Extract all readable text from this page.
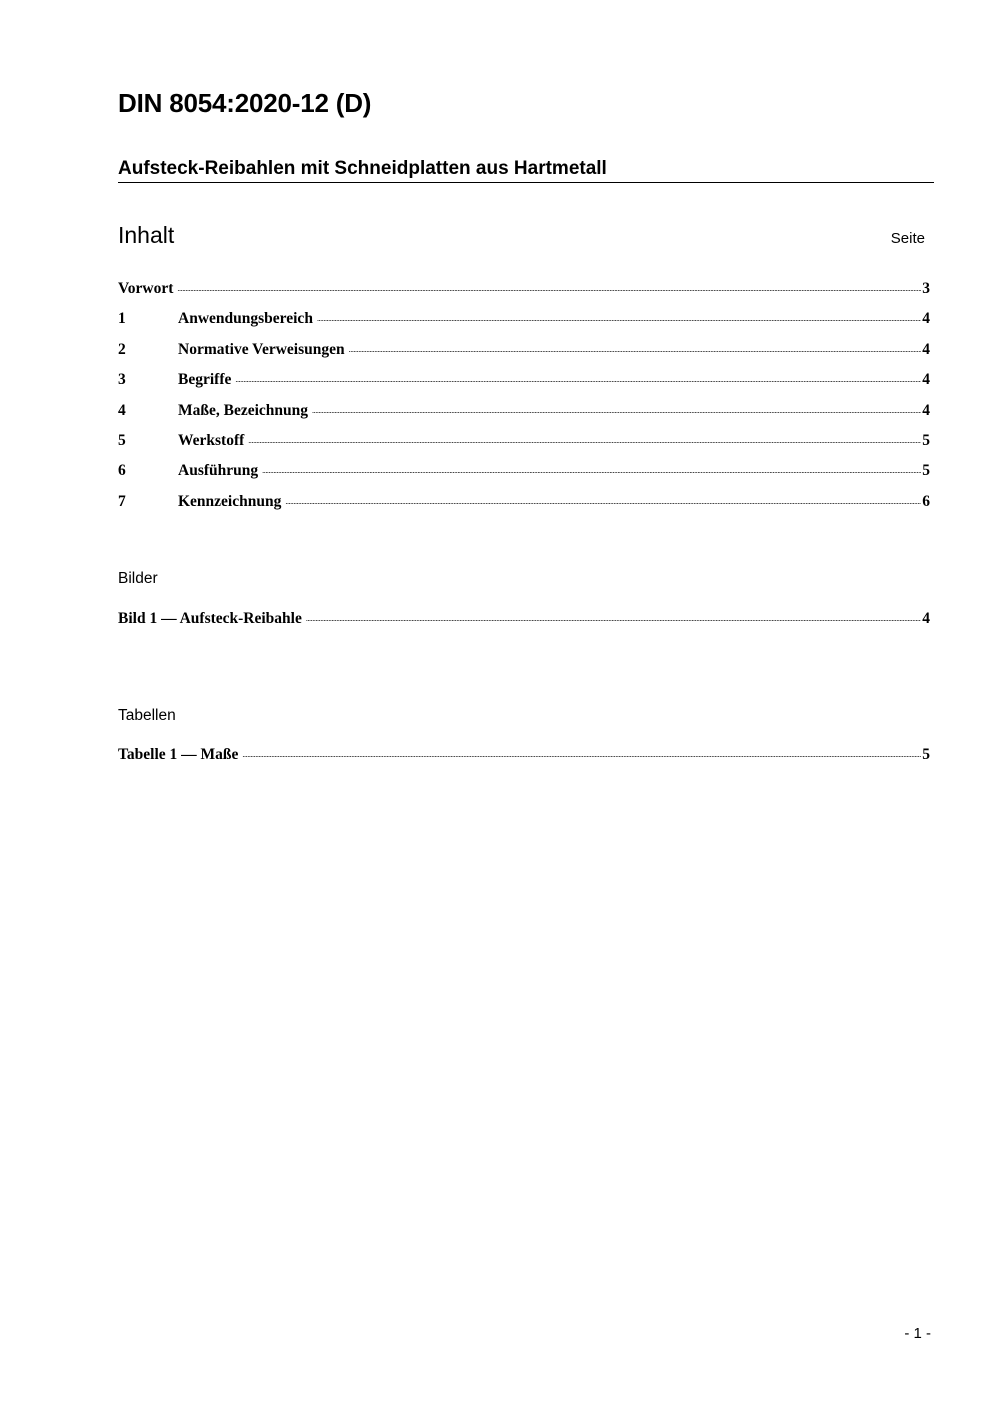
DIN 8054:2020-12 (D)
Aufsteck-Reibahlen mit Schneidplatten aus Hartmetall
Inhalt	Seite
Vorwort .....	3
1	Anwendungsbereich .....	4
2	Normative Verweisungen .....	4
3	Begriffe .....	4
4	Maße, Bezeichnung .....	4
5	Werkstoff .....	5
6	Ausführung .....	5
7	Kennzeichnung .....	6
Bilder
Bild 1 — Aufsteck-Reibahle .....	4
Tabellen
Tabelle 1 — Maße .....	5
- 1 -
